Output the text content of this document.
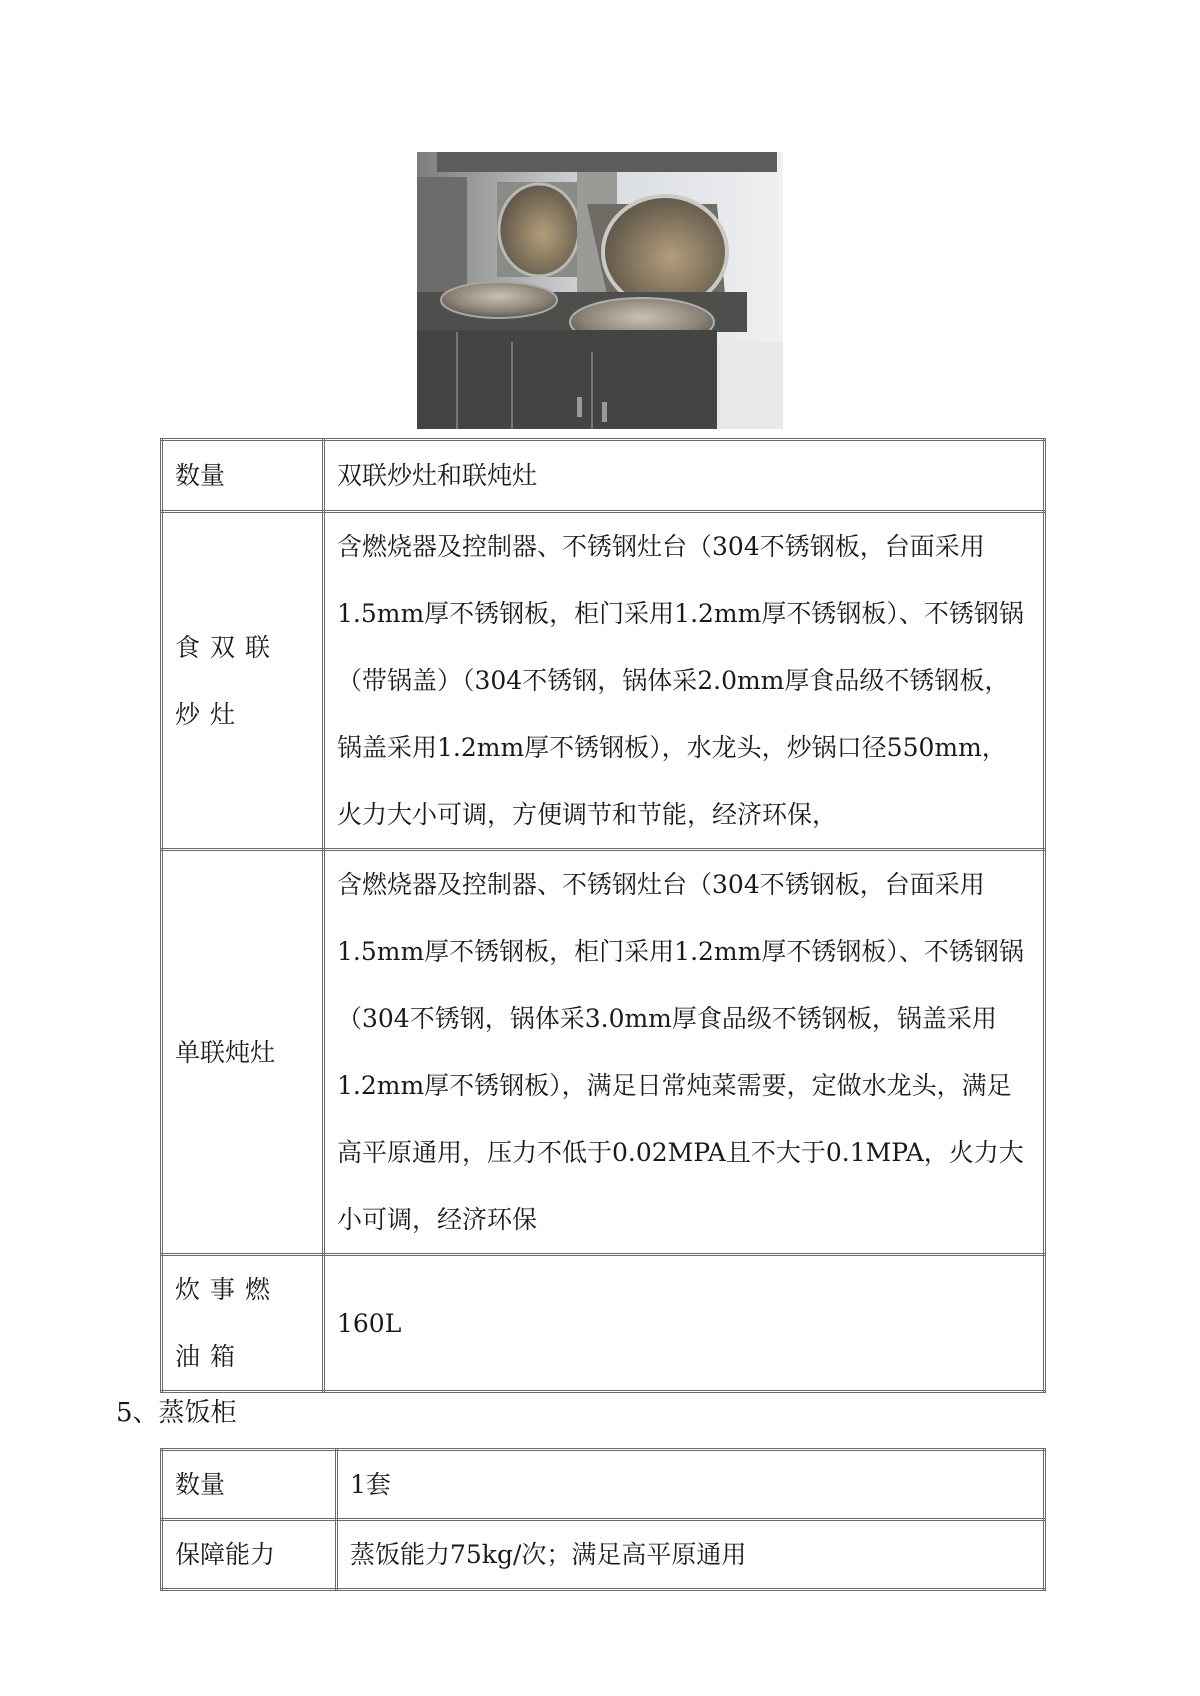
数量	双联炒灶和联炖灶
食双联炒灶	含燃烧器及控制器、不锈钢灶台（304不锈钢板，台面采用1.5mm厚不锈钢板，柜门采用1.2mm厚不锈钢板）、不锈钢锅（带锅盖）（304不锈钢，锅体采2.0mm厚食品级不锈钢板，锅盖采用1.2mm厚不锈钢板），水龙头，炒锅口径550mm，火力大小可调，方便调节和节能，经济环保，
单联炖灶	含燃烧器及控制器、不锈钢灶台（304不锈钢板，台面采用1.5mm厚不锈钢板，柜门采用1.2mm厚不锈钢板）、不锈钢锅（304不锈钢，锅体采3.0mm厚食品级不锈钢板，锅盖采用1.2mm厚不锈钢板），满足日常炖菜需要，定做水龙头，满足高平原通用，压力不低于0.02MPA且不大于0.1MPA，火力大小可调，经济环保
炊事燃油箱	160L
5、蒸饭柜
数量	1套
保障能力	蒸饭能力75kg/次；满足高平原通用
